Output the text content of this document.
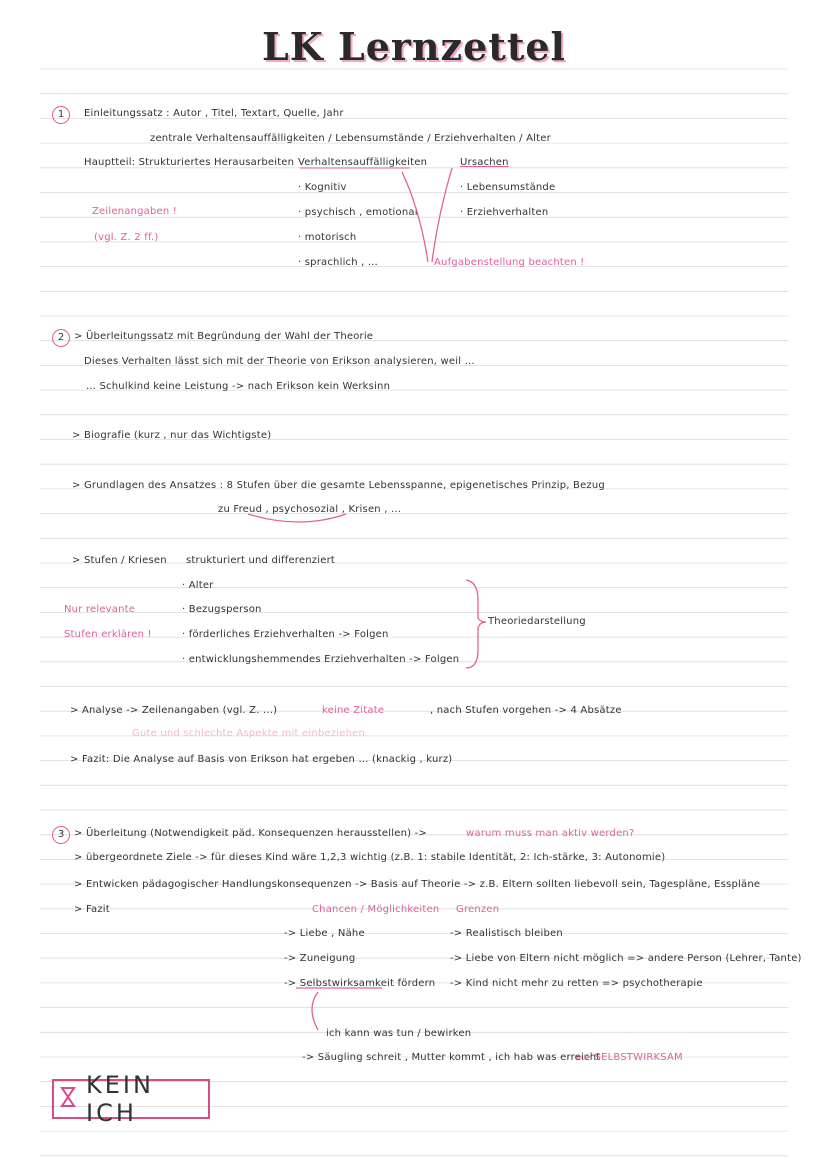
LK Lernzettel
1	Einleitungssatz : Autor , Titel, Textart, Quelle, Jahr
zentrale Verhaltensauffälligkeiten / Lebensumstände / Erziehverhalten / Alter
Hauptteil: Strukturiertes Herausarbeiten Verhaltensauffälligkeiten
· Kognitiv
· psychisch , emotional
· motorisch
· sprachlich , ...
Ursachen
· Lebensumstände
· Erziehverhalten
Zeilenangaben !
(vgl. Z. 2 ff.)
Aufgabenstellung beachten !
2 > Überleitungssatz mit Begründung der Wahl der Theorie
Dieses Verhalten lässt sich mit der Theorie von Erikson analysieren, weil ...
... Schulkind keine Leistung -> nach Erikson kein Werksinn
> Biografie (kurz , nur das Wichtigste)
> Grundlagen des Ansatzes : 8 Stufen über die gesamte Lebensspanne, epigenetisches Prinzip, Bezug
zu Freud , psychosozial , Krisen , ...
> Stufen / Kriesen strukturiert und differenziert
· Alter
· Bezugsperson
· förderliches Erziehverhalten -> Folgen
· entwicklungshemmendes Erziehverhalten -> Folgen
Nur relevante
Stufen erklären !
Theoriedarstellung
> Analyse -> Zeilenangaben (vgl. Z. ...)	keine Zitate	, nach Stufen vorgehen -> 4 Absätze
Gute und schlechte Aspekte mit einbeziehen
> Fazit: Die Analyse auf Basis von Erikson hat ergeben ... (knackig , kurz)
3 > Überleitung (Notwendigkeit päd. Konsequenzen herausstellen) ->	warum muss man aktiv werden?
> übergeordnete Ziele -> für dieses Kind wäre 1,2,3 wichtig (z.B. 1: stabile Identität, 2: Ich-stärke, 3: Autonomie)
> Entwicken pädagogischer Handlungskonsequenzen -> Basis auf Theorie -> z.B. Eltern sollten liebevoll sein, Tagespläne, Esspläne
> Fazit	Chancen / Möglichkeiten Grenzen
-> Liebe , Nähe
-> Zuneigung
-> Selbstwirksamkeit fördern
-> Realistisch bleiben
-> Liebe von Eltern nicht möglich => andere Person (Lehrer, Tante)
-> Kind nicht mehr zu retten => psychotherapie
ich kann was tun / bewirken
-> Säugling schreit , Mutter kommt , ich hab was erreicht
=> SELBSTWIRKSAM
KEIN ICH
